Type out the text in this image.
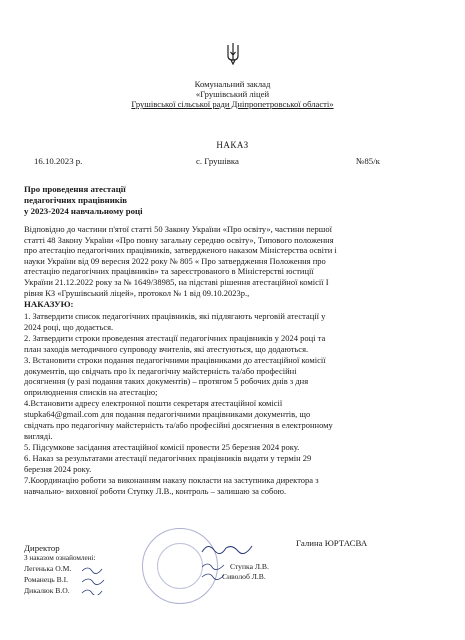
Комунальний заклад
«Грушівський ліцей
Грушівської сільської ради Дніпропетровської області»
НАКАЗ
16.10.2023 р.	с. Грушівка	№85/к
Про проведення атестації
педагогічних працівників
у 2023-2024 навчальному році
Відповідно до частини п'ятої статті 50 Закону України «Про освіту», частини першої
статті 48 Закону України «Про повну загальну середню освіту», Типового положення
про атестацію педагогічних працівників, затвердженого наказом Міністерства освіти і
науки України від 09 вересня 2022 року № 805 « Про затвердження Положення про
атестацію педагогічних працівників» та зареєстрованого в Міністерстві юстиції
України 21.12.2022 року за № 1649/38985, на підставі рішення атестаційної комісії I
рівня КЗ «Грушівський ліцей», протокол № 1 від 09.10.2023р.,
НАКАЗУЮ:
1. Затвердити список педагогічних працівників, які підлягають черговій атестації у
2024 році, що додається.
2. Затвердити строки проведення атестації педагогічних працівників у 2024 році та
план заходів методичного супроводу вчителів, які атестуються, що додаються.
3. Встановити строки подання педагогічними працівниками до атестаційної комісії
документів, що свідчать про їх педагогічну майстерність та/або професійні
досягнення (у разі подання таких документів) – протягом 5 робочих днів з дня
оприлюднення списків на атестацію;
4.Встановити адресу електронної пошти секретаря атестаційної комісії
stupka64@gmail.com для подання педагогічними працівниками документів, що
свідчать про педагогічну майстерність та/або професійні досягнення в електронному
вигляді.
5. Підсумкове засідання атестаційної комісії провести 25 березня 2024 року.
6. Наказ за результатами атестації педагогічних працівників видати у термін 29
березня 2024 року.
7.Координацію роботи за виконанням наказу покласти на заступника директора з
навчально- виховної роботи Ступку Л.В., контроль – залишаю за собою.
Директор	Галина ЮРТАСВА
З наказом ознайомлені:
Легенька О.М.
Романець В.І.
Дикалюк В.О.
Ступка Л.В.
Сиволоб Л.В.
